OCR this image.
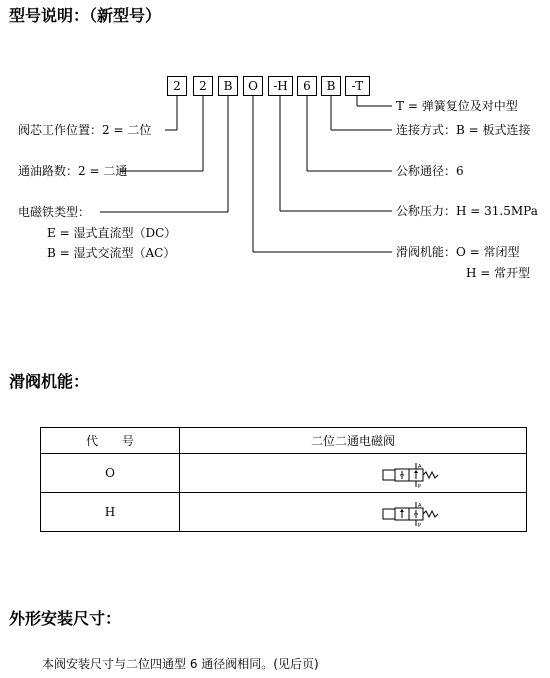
型号说明：（新型号）
2	2	B	O	-H	6	B	-T
阀芯工作位置：2 = 二位
通油路数：2 = 二通
电磁铁类型：
E = 湿式直流型（DC）
B = 湿式交流型（AC）
T = 弹簧复位及对中型
连接方式：B = 板式连接
公称通径：6
公称压力：H = 31.5MPa
滑阀机能：O = 常闭型
H = 常开型
滑阀机能：
代　　号	二位二通电磁阀
O	A
P

H	A
P
外形安装尺寸：
本阀安装尺寸与二位四通型 6 通径阀相同。(见后页)
